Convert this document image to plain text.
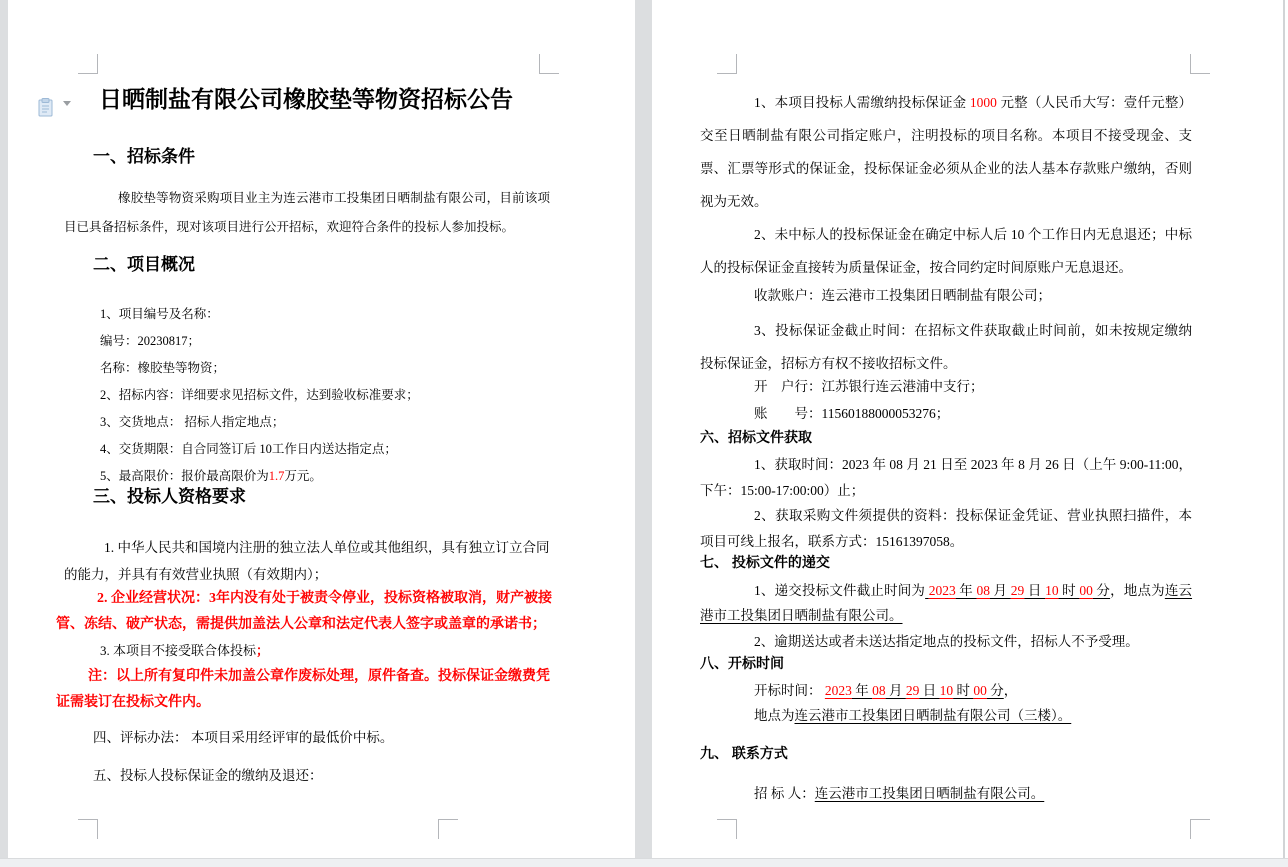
日晒制盐有限公司橡胶垫等物资招标公告
一、招标条件
橡胶垫等物资采购项目业主为连云港市工投集团日晒制盐有限公司，目前该项目已具备招标条件，现对该项目进行公开招标，欢迎符合条件的投标人参加投标。
二、项目概况
1、项目编号及名称：
编号：20230817；
名称：橡胶垫等物资；
2、招标内容：详细要求见招标文件，达到验收标准要求；
3、交货地点： 招标人指定地点；
4、交货期限：自合同签订后 10工作日内送达指定点；
5、最高限价：报价最高限价为1.7万元。
三、投标人资格要求
1. 中华人民共和国境内注册的独立法人单位或其他组织，具有独立订立合同的能力，并具有有效营业执照（有效期内）；
2. 企业经营状况：3年内没有处于被责令停业，投标资格被取消，财产被接管、冻结、破产状态，需提供加盖法人公章和法定代表人签字或盖章的承诺书；
3. 本项目不接受联合体投标；
注：以上所有复印件未加盖公章作废标处理，原件备查。投标保证金缴费凭证需装订在投标文件内。
四、评标办法： 本项目采用经评审的最低价中标。
五、投标人投标保证金的缴纳及退还：
1、本项目投标人需缴纳投标保证金 1000 元整（人民币大写：壹仟元整）交至日晒制盐有限公司指定账户，注明投标的项目名称。本项目不接受现金、支票、汇票等形式的保证金，投标保证金必须从企业的法人基本存款账户缴纳，否则视为无效。
2、未中标人的投标保证金在确定中标人后 10 个工作日内无息退还；中标人的投标保证金直接转为质量保证金，按合同约定时间原账户无息退还。
收款账户：连云港市工投集团日晒制盐有限公司；
3、投标保证金截止时间：在招标文件获取截止时间前，如未按规定缴纳投标保证金，招标方有权不接收招标文件。
开　户行：江苏银行连云港浦中支行；
账　　号：11560188000053276；
六、招标文件获取
1、获取时间：2023 年 08 月 21 日至 2023 年 8 月 26 日（上午 9:00-11:00，下午：15:00-17:00:00）止；
2、获取采购文件须提供的资料：投标保证金凭证、营业执照扫描件，本项目可线上报名，联系方式：15161397058。
七、 投标文件的递交
1、递交投标文件截止时间为 2023 年 08 月 29 日 10 时 00 分，地点为连云港市工投集团日晒制盐有限公司。
2、逾期送达或者未送达指定地点的投标文件，招标人不予受理。
八、开标时间
开标时间： 2023 年 08 月 29 日 10 时 00 分，
地点为连云港市工投集团日晒制盐有限公司（三楼）。
九、 联系方式
招 标 人：连云港市工投集团日晒制盐有限公司。
